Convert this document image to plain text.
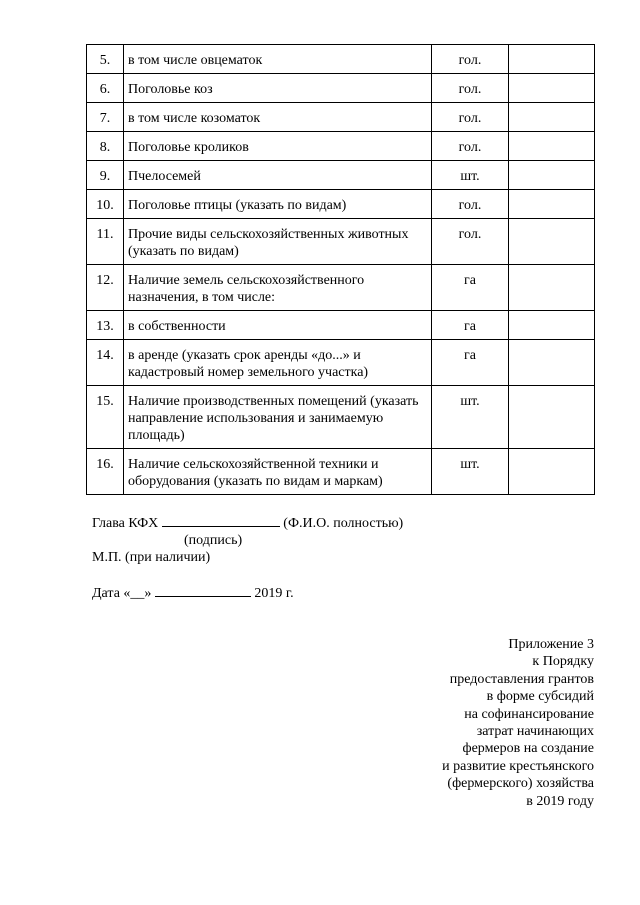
5.	в том числе овцематок	гол.	
6.	Поголовье коз	гол.	
7.	в том числе козоматок	гол.	
8.	Поголовье кроликов	гол.	
9.	Пчелосемей	шт.	
10.	Поголовье птицы (указать по видам)	гол.	
11.	Прочие виды сельскохозяйственных животных (указать по видам)	гол.	
12.	Наличие земель сельскохозяйственного назначения, в том числе:	га	
13.	в собственности	га	
14.	в аренде (указать срок аренды «до...» и кадастровый номер земельного участка)	га	
15.	Наличие производственных помещений (указать направление использования и занимаемую площадь)	шт.	
16.	Наличие сельскохозяйственной техники и оборудования (указать по видам и маркам)	шт.	
Глава КФХ	(Ф.И.О. полностью)
(подпись)
М.П. (при наличии)
Дата «__»	2019 г.
Приложение 3
к Порядку
предоставления грантов
в форме субсидий
на софинансирование
затрат начинающих
фермеров на создание
и развитие крестьянского
(фермерского) хозяйства
в 2019 году
